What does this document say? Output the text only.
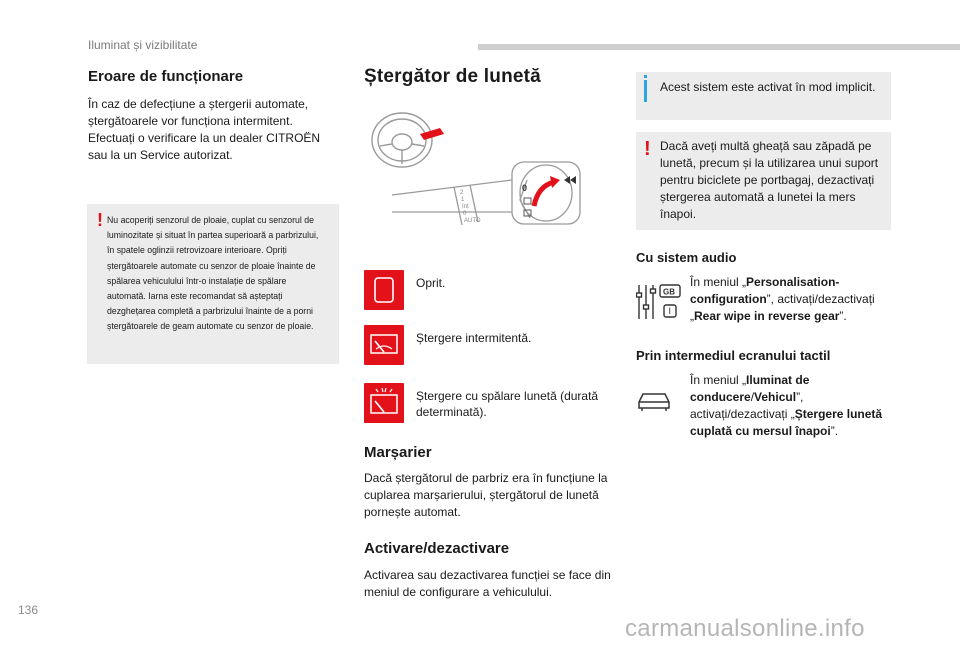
Iluminat și vizibilitate
Eroare de funcționare
În caz de defecțiune a ștergerii automate, ștergătoarele vor funcționa intermitent. Efectuați o verificare la un dealer CITROËN sau la un Service autorizat.
! Nu acoperiți senzorul de ploaie, cuplat cu senzorul de luminozitate și situat în partea superioară a parbrizului, în spatele oglinzii retrovizoare interioare. Opriți ștergătoarele automate cu senzor de ploaie înainte de spălarea vehiculului într-o instalație de spălare automată. Iarna este recomandat să așteptați dezghețarea completă a parbrizului înainte de a porni ștergătoarele de geam automate cu senzor de ploaie.
Ștergător de lunetă
2
1
Int
0
AUTO
0
Oprit.
Ștergere intermitentă.
Ștergere cu spălare lunetă (durată determinată).
Marșarier
Dacă ștergătorul de parbriz era în funcțiune la cuplarea marșarierului, ștergătorul de lunetă pornește automat.
Activare/dezactivare
Activarea sau dezactivarea funcției se face din meniul de configurare a vehiculului.
Acest sistem este activat în mod implicit.
! Dacă aveți multă gheață sau zăpadă pe lunetă, precum și la utilizarea unui suport pentru biciclete pe portbagaj, dezactivați ștergerea automată a lunetei la mers înapoi.
Cu sistem audio
GB
I
În meniul „Personalisation-configuration”, activați/dezactivați „Rear wipe in reverse gear”.
Prin intermediul ecranului tactil
În meniul „Iluminat de conducere/Vehicul”, activați/dezactivați „Ștergere lunetă cuplată cu mersul înapoi”.
136
carmanualsonline.info
